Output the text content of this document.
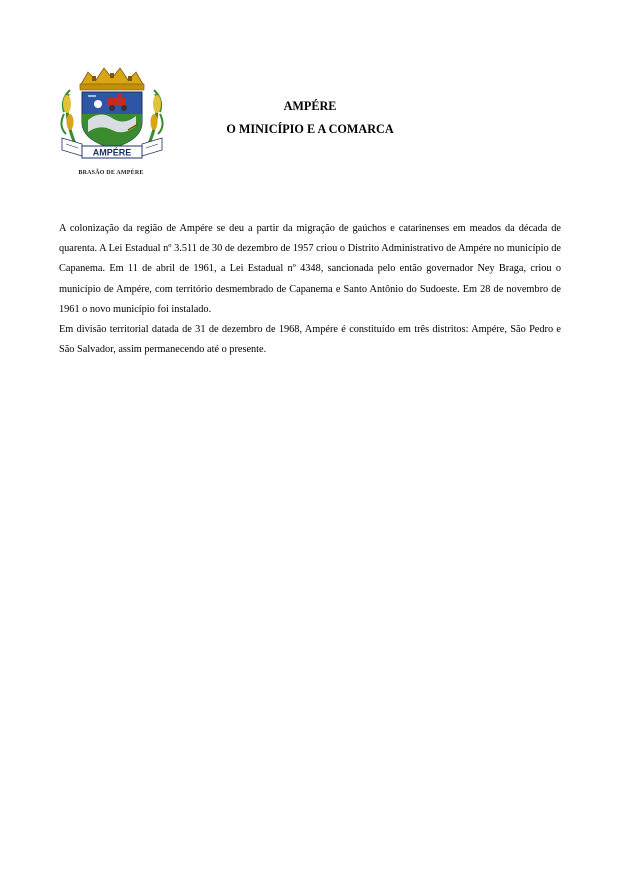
AMPÉRE
BRASÃO DE AMPÉRE
AMPÉRE
O MINICÍPIO E A COMARCA

A colonização da região de Ampére se deu a partir da migração de gaúchos e catarinenses em meados da década de quarenta. A Lei Estadual nº 3.511 de 30 de dezembro de 1957 criou o Distrito Administrativo de Ampére no município de Capanema. Em 11 de abril de 1961, a Lei Estadual nº 4348, sancionada pelo então governador Ney Braga, criou o município de Ampére, com território desmembrado de Capanema e Santo Antônio do Sudoeste. Em 28 de novembro de 1961 o novo município foi instalado.

Em divisão territorial datada de 31 de dezembro de 1968, Ampére é constituído em três distritos: Ampére, São Pedro e São Salvador, assim permanecendo até o presente.
